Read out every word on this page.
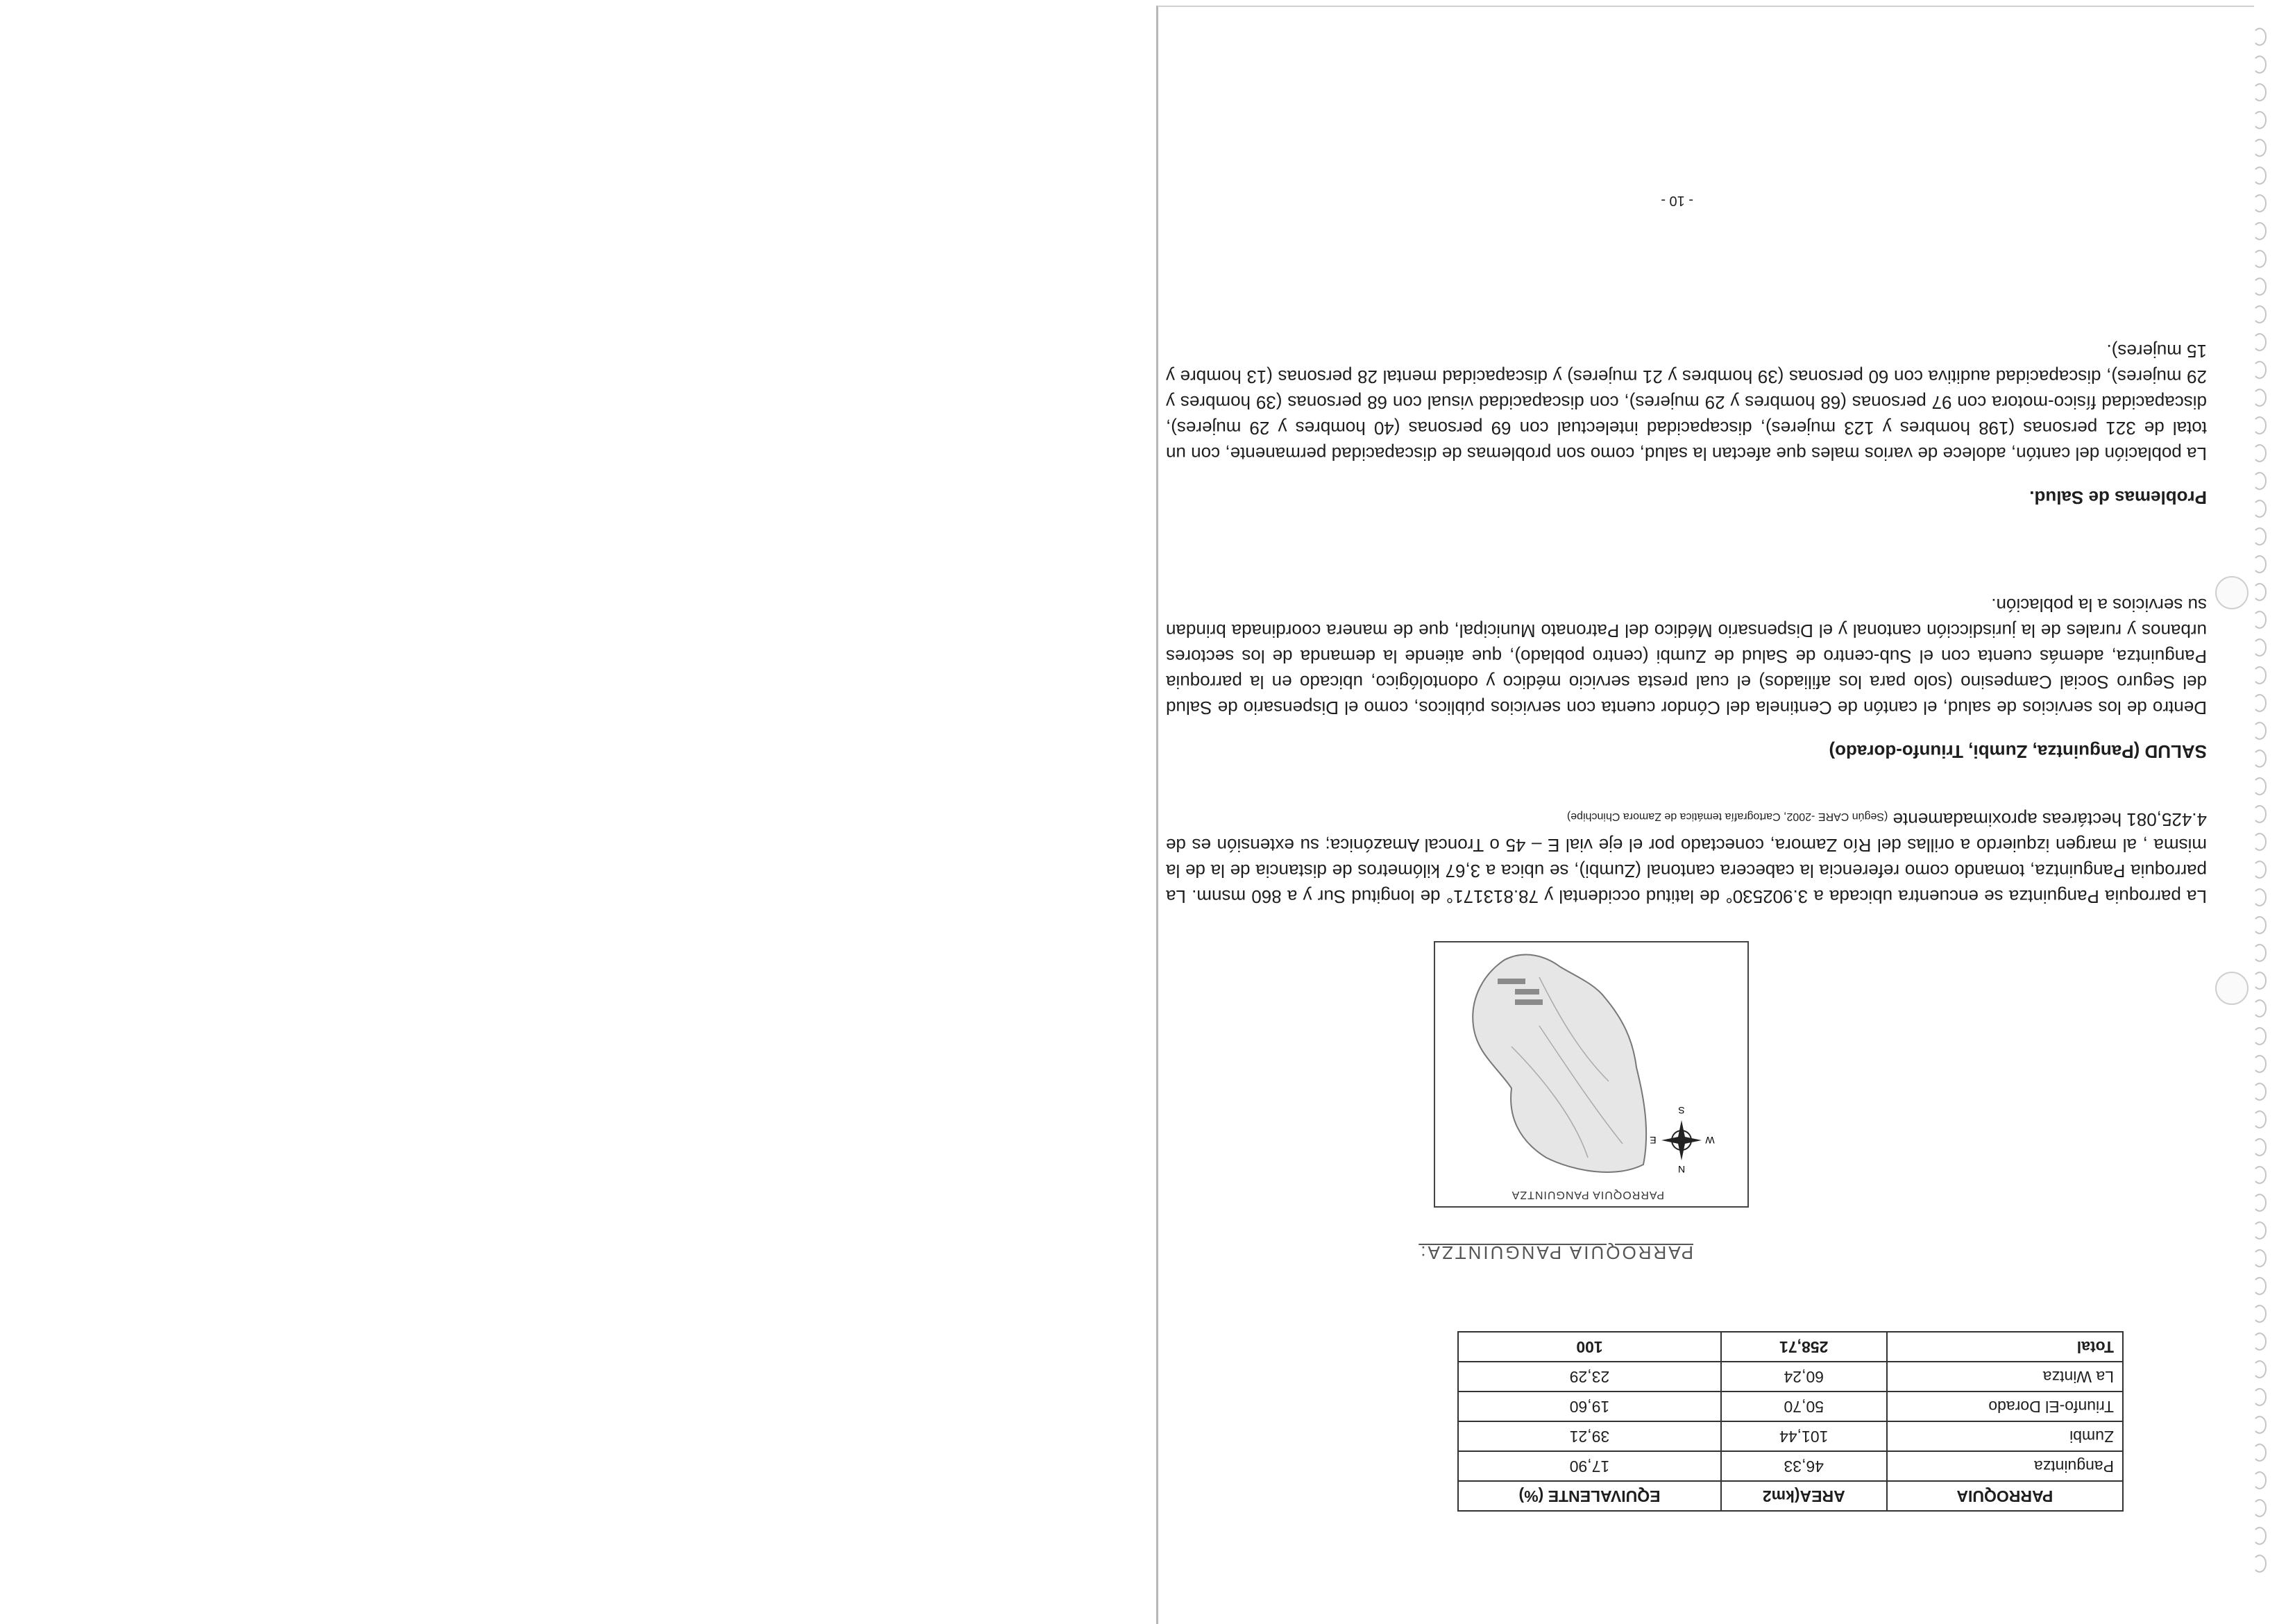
PARROQUIA	AREA(km2	EQUIVALENTE (%)
Panguintza	46,33	17,90
Zumbi	101,44	39,21
Triunfo-El Dorado	50,70	19,60
La Wintza	60,24	23,29
Total	258,71	100
PARROQUIA PANGUINTZA:
PARROQUIA PANGUINTZA
N
S
W
E
La parroquia Panguintza se encuentra ubicada a 3.902530° de latitud occidental y 78.813171° de longitud Sur y a 860 msnm. La parroquia Panguintza, tomando como referencia la cabecera cantonal (Zumbi), se ubica a 3,67 kilómetros de distancia de la de la misma , al margen izquierdo a orillas del Río Zamora, conectado por el eje vial E – 45 o Troncal Amazónica; su extensión es de 4.425,081 hectáreas aproximadamente (Según CARE -2002, Cartografía temática de Zamora Chinchipe)
SALUD (Panguintza, Zumbi, Triunfo-dorado)
Dentro de los servicios de salud, el cantón de Centinela del Cóndor cuenta con servicios públicos, como el Dispensario de Salud del Seguro Social Campesino (solo para los afiliados) el cual presta servicio médico y odontológico, ubicado en la parroquia Panguintza, además cuenta con el Sub-centro de Salud de Zumbi (centro poblado), que atiende la demanda de los sectores urbanos y rurales de la jurisdicción cantonal y el Dispensario Médico del Patronato Municipal, que de manera coordinada brindan su servicios a la población.
Problemas de Salud.
La población del cantón, adolece de varios males que afectan la salud, como son problemas de discapacidad permanente, con un total de 321 personas (198 hombres y 123 mujeres), discapacidad intelectual con 69 personas (40 hombres y 29 mujeres), discapacidad físico-motora con 97 personas (68 hombres y 29 mujeres), con discapacidad visual con 68 personas (39 hombres y 29 mujeres), discapacidad auditiva con 60 personas (39 hombres y 21 mujeres) y discapacidad mental 28 personas (13 hombre y 15 mujeres).
- 10 -
